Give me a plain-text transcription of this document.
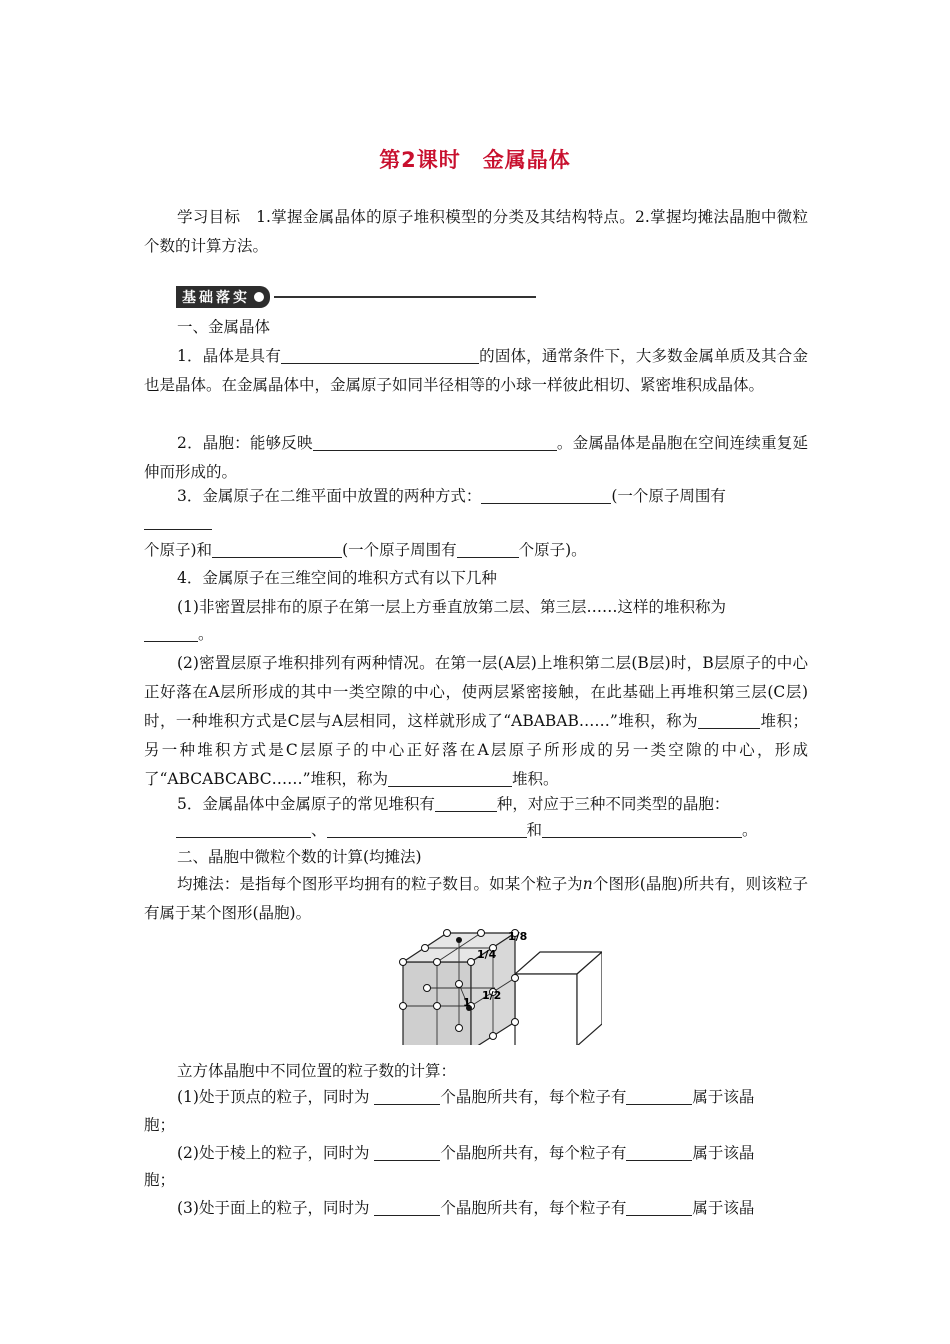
第2课时　金属晶体

学习目标　 1.掌握金属晶体的原子堆积模型的分类及其结构特点。2.掌握均摊法晶胞中微粒个数的计算方法。

基础落实

一、金属晶体

1．晶体是具有	的固体，通常条件下，大多数金属单质及其合金也是晶体。在金属晶体中，金属原子如同半径相等的小球一样彼此相切、紧密堆积成晶体。

2．晶胞：能够反映	。金属晶体是晶胞在空间连续重复延伸而形成的。

3．金属原子在二维平面中放置的两种方式：	(一个原子周围有

个原子)和	(一个原子周围有	个原子)。

4．金属原子在三维空间的堆积方式有以下几种

(1)非密置层排布的原子在第一层上方垂直放第二层、第三层……这样的堆积称为

。

(2)密置层原子堆积排列有两种情况。在第一层(A层)上堆积第二层(B层)时，B层原子的中心正好落在A层所形成的其中一类空隙的中心，使两层紧密接触，在此基础上再堆积第三层(C层)时，一种堆积方式是C层与A层相同，这样就形成了“ABABAB……”堆积，称为	堆积；另一种堆积方式是C层原子的中心正好落在A层原子所形成的另一类空隙的中心，形成了“ABCABCABC……”堆积，称为	堆积。

5．金属晶体中金属原子的常见堆积有	种，对应于三种不同类型的晶胞：

、	和	。

二、晶胞中微粒个数的计算(均摊法)

均摊法：是指每个图形平均拥有的粒子数目。如某个粒子为n个图形(晶胞)所共有，则该粒子有属于某个图形(晶胞)。

1/8
1/4
1/2
1

立方体晶胞中不同位置的粒子数的计算：

(1)处于顶点的粒子，同时为	个晶胞所共有，每个粒子有	属于该晶

胞；

(2)处于棱上的粒子，同时为	个晶胞所共有，每个粒子有	属于该晶

胞；

(3)处于面上的粒子，同时为	个晶胞所共有，每个粒子有	属于该晶
